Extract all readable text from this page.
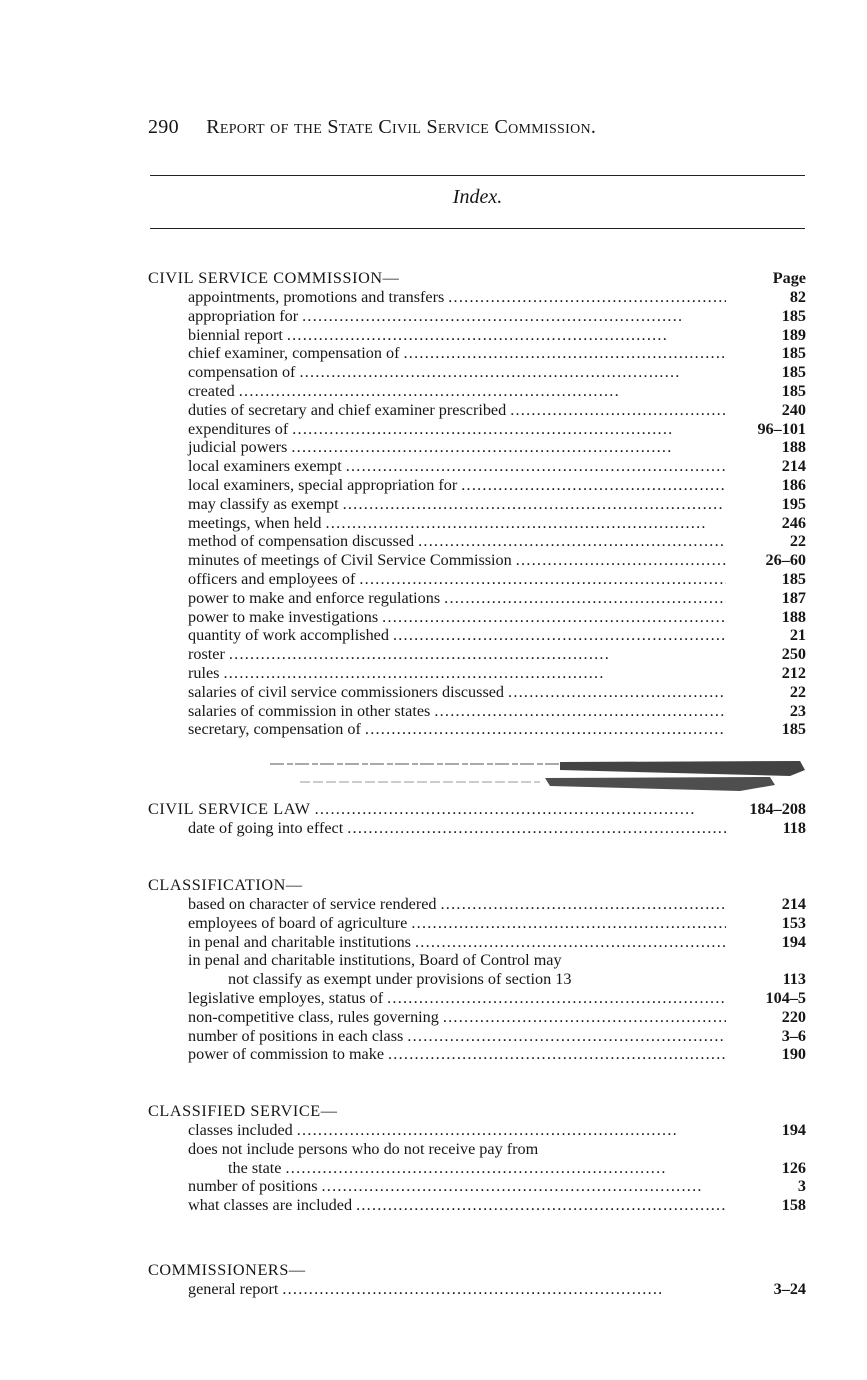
290 Report of the State Civil Service Commission.
Index.
CIVIL SERVICE COMMISSION—	Page
appointments, promotions and transfers . . .	82
appropriation for . . .	185
biennial report . . .	189
chief examiner, compensation of . . .	185
compensation of . . .	185
created . . .	185
duties of secretary and chief examiner prescribed . . .	240
expenditures of . . .	96–101
judicial powers . . .	188
local examiners exempt . . .	214
local examiners, special appropriation for . . .	186
may classify as exempt . . .	195
meetings, when held . . .	246
method of compensation discussed . . .	22
minutes of meetings of Civil Service Commission . . .	26–60
officers and employees of . . .	185
power to make and enforce regulations . . .	187
power to make investigations . . .	188
quantity of work accomplished . . .	21
roster . . .	250
rules . . .	212
salaries of civil service commissioners discussed . . .	22
salaries of commission in other states . . .	23
secretary, compensation of . . .	185
CIVIL SERVICE LAW . . .	184–208
date of going into effect . . .	118
CLASSIFICATION—
based on character of service rendered . . .	214
employees of board of agriculture . . .	153
in penal and charitable institutions . . .	194
in penal and charitable institutions, Board of Control may
not classify as exempt under provisions of section 13	113
legislative employes, status of . . .	104–5
non-competitive class, rules governing . . .	220
number of positions in each class . . .	3–6
power of commission to make . . .	190
CLASSIFIED SERVICE—
classes included . . .	194
does not include persons who do not receive pay from
the state . . .	126
number of positions . . .	3
what classes are included . . .	158
COMMISSIONERS—
general report . . .	3–24
